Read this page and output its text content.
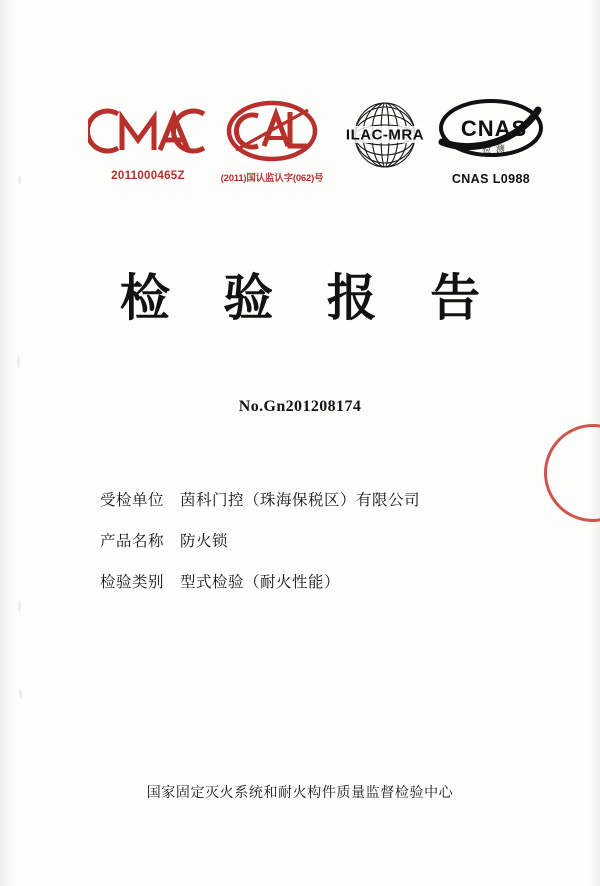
2011000465Z	(2011)国认监认字(062)号
ILAC-MRA CNAS
检 测
CNAS L0988
检 验 报 告
No.Gn201208174
受检单位 茵科门控（珠海保税区）有限公司
产品名称 防火锁
检验类别 型式检验（耐火性能）
国家固定灭火系统和耐火构件质量监督检验中心
